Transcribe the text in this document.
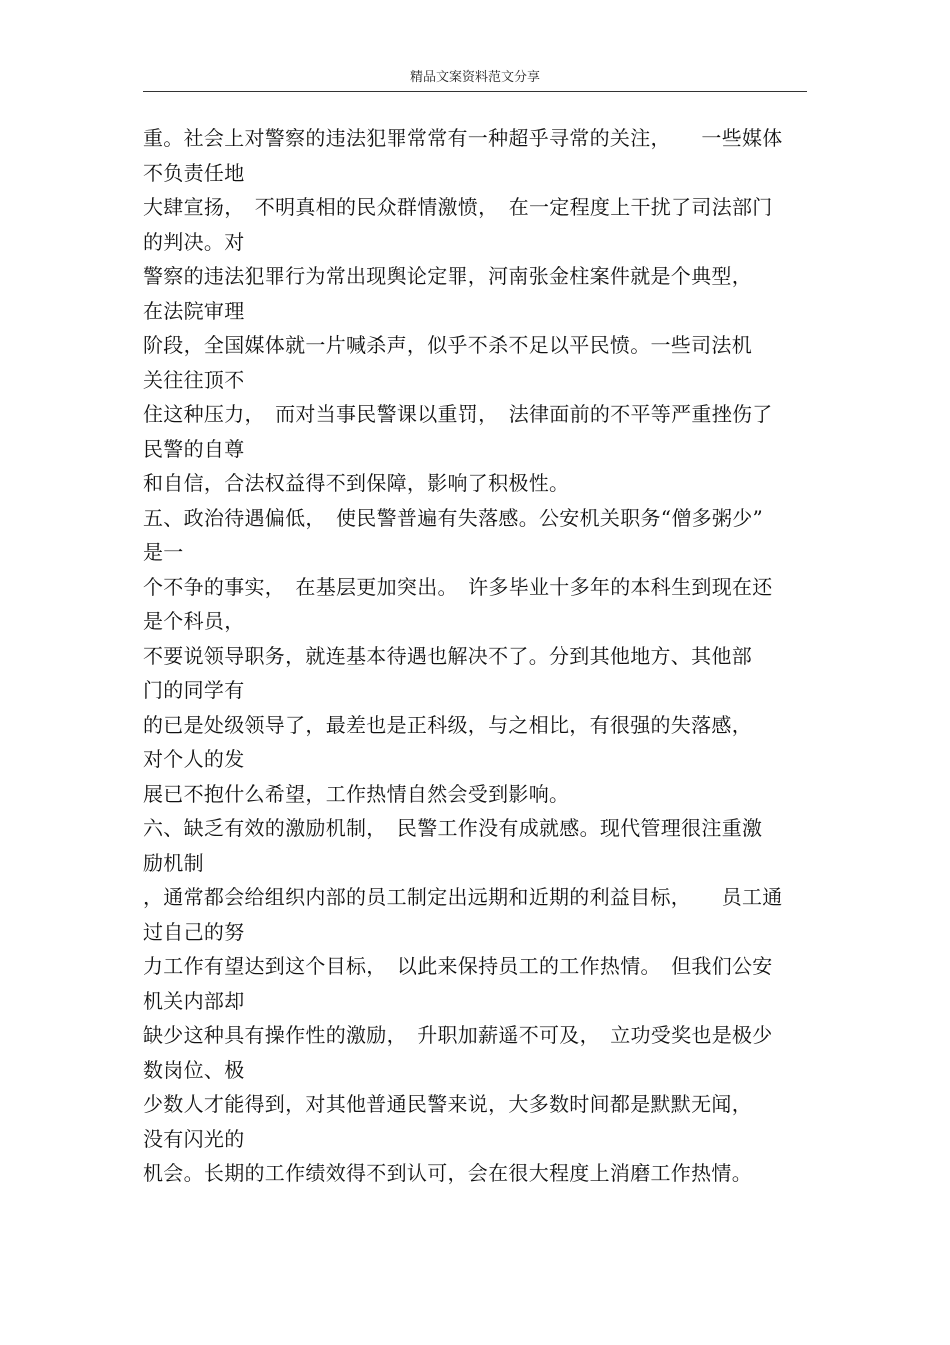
精品文案资料范文分享
重。社会上对警察的违法犯罪常常有一种超乎寻常的关注，　　一些媒体
不负责任地
大肆宣扬，　不明真相的民众群情激愤，　在一定程度上干扰了司法部门
的判决。对
警察的违法犯罪行为常出现舆论定罪，河南张金柱案件就是个典型，
在法院审理
阶段，全国媒体就一片喊杀声，似乎不杀不足以平民愤。一些司法机
关往往顶不
住这种压力，　而对当事民警课以重罚，　法律面前的不平等严重挫伤了
民警的自尊
和自信，合法权益得不到保障，影响了积极性。
五、政治待遇偏低，　使民警普遍有失落感。公安机关职务“僧多粥少”
是一
个不争的事实，　在基层更加突出。　许多毕业十多年的本科生到现在还
是个科员，
不要说领导职务，就连基本待遇也解决不了。分到其他地方、其他部
门的同学有
的已是处级领导了，最差也是正科级，与之相比，有很强的失落感，
对个人的发
展已不抱什么希望，工作热情自然会受到影响。
六、缺乏有效的激励机制，　民警工作没有成就感。现代管理很注重激
励机制
，通常都会给组织内部的员工制定出远期和近期的利益目标，　　员工通
过自己的努
力工作有望达到这个目标，　以此来保持员工的工作热情。　但我们公安
机关内部却
缺少这种具有操作性的激励，　升职加薪遥不可及，　立功受奖也是极少
数岗位、极
少数人才能得到，对其他普通民警来说，大多数时间都是默默无闻，
没有闪光的
机会。长期的工作绩效得不到认可，会在很大程度上消磨工作热情。
